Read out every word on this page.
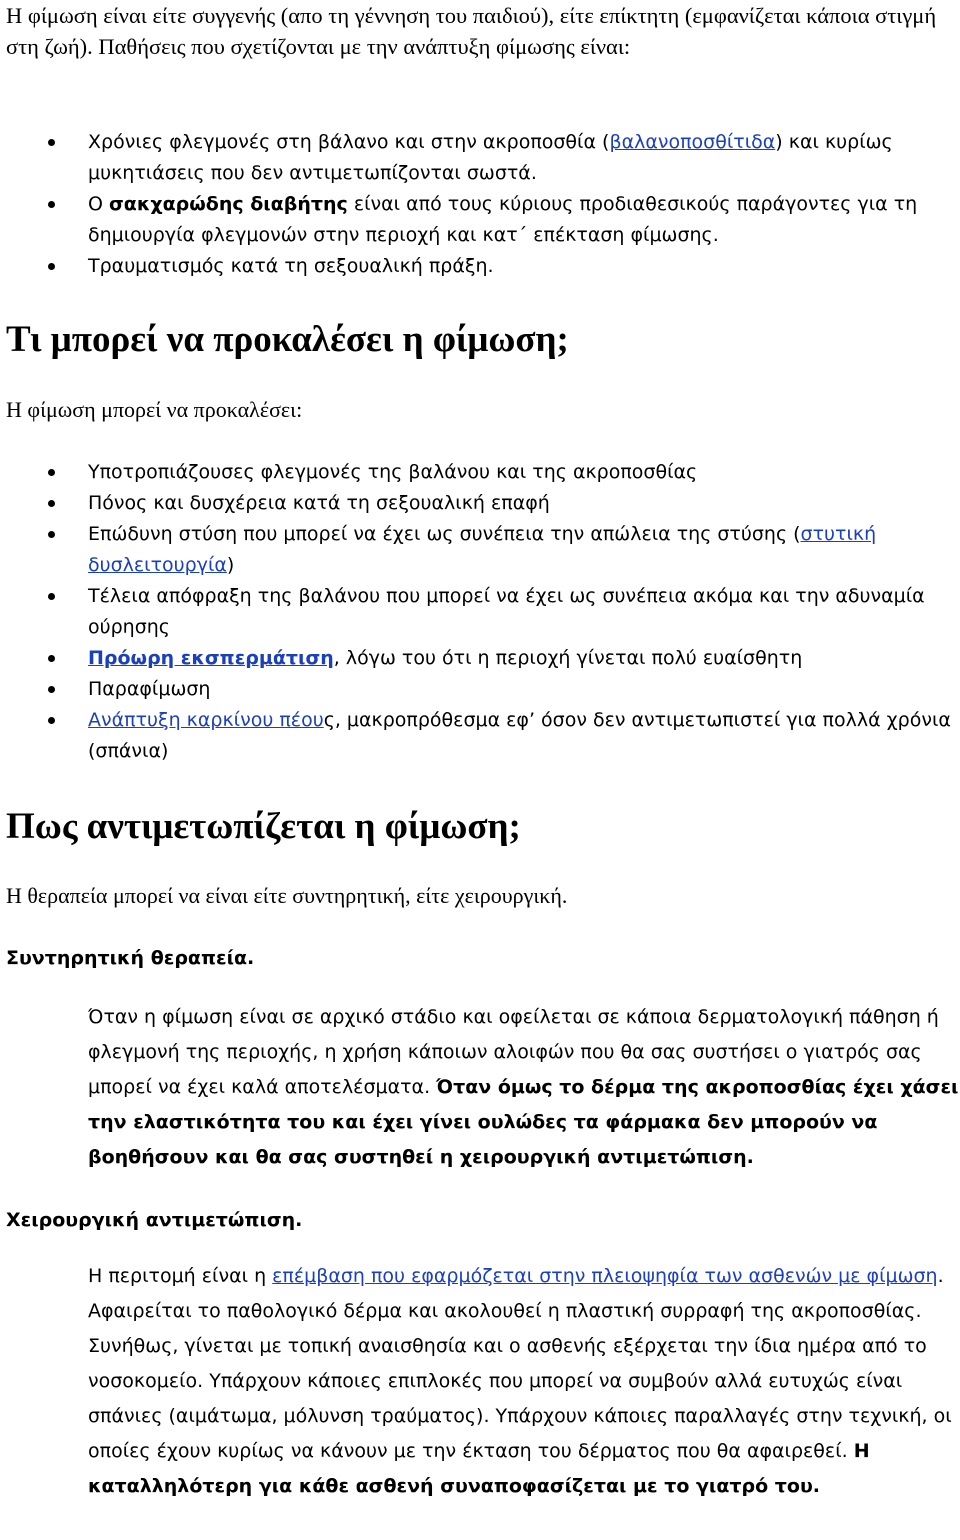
Η φίμωση είναι είτε συγγενής (απο τη γέννηση του παιδιού), είτε επίκτητη (εμφανίζεται κάποια στιγμή στη ζωή). Παθήσεις που σχετίζονται με την ανάπτυξη φίμωσης είναι:

Χρόνιες φλεγμονές στη βάλανο και στην ακροποσθία (βαλανοποσθίτιδα) και κυρίως μυκητιάσεις που δεν αντιμετωπίζονται σωστά.
Ο σακχαρώδης διαβήτης είναι από τους κύριους προδιαθεσικούς παράγοντες για τη δημιουργία φλεγμονών στην περιοχή και κατ΄ επέκταση φίμωσης.
Τραυματισμός κατά τη σεξουαλική πράξη.
Τι μπορεί να προκαλέσει η φίμωση;

Η φίμωση μπορεί να προκαλέσει:

Υποτροπιάζουσες φλεγμονές της βαλάνου και της ακροποσθίας
Πόνος και δυσχέρεια κατά τη σεξουαλική επαφή
Επώδυνη στύση που μπορεί να έχει ως συνέπεια την απώλεια της στύσης (στυτική δυσλειτουργία)
Τέλεια απόφραξη της βαλάνου που μπορεί να έχει ως συνέπεια ακόμα και την αδυναμία ούρησης
Πρόωρη εκσπερμάτιση, λόγω του ότι η περιοχή γίνεται πολύ ευαίσθητη
Παραφίμωση
Ανάπτυξη καρκίνου πέους, μακροπρόθεσμα εφ’ όσον δεν αντιμετωπιστεί για πολλά χρόνια (σπάνια)
Πως αντιμετωπίζεται η φίμωση;

Η θεραπεία μπορεί να είναι είτε συντηρητική, είτε χειρουργική.

Συντηρητική θεραπεία.

Όταν η φίμωση είναι σε αρχικό στάδιο και οφείλεται σε κάποια δερματολογική πάθηση ή φλεγμονή της περιοχής, η χρήση κάποιων αλοιφών που θα σας συστήσει ο γιατρός σας μπορεί να έχει καλά αποτελέσματα. Όταν όμως το δέρμα της ακροποσθίας έχει χάσει την ελαστικότητα του και έχει γίνει ουλώδες τα φάρμακα δεν μπορούν να βοηθήσουν και θα σας συστηθεί η χειρουργική αντιμετώπιση.

Χειρουργική αντιμετώπιση.

Η περιτομή είναι η επέμβαση που εφαρμόζεται στην πλειοψηφία των ασθενών με φίμωση. Αφαιρείται το παθολογικό δέρμα και ακολουθεί η πλαστική συρραφή της ακροποσθίας. Συνήθως, γίνεται με τοπική αναισθησία και ο ασθενής εξέρχεται την ίδια ημέρα από το νοσοκομείο. Υπάρχουν κάποιες επιπλοκές που μπορεί να συμβούν αλλά ευτυχώς είναι σπάνιες (αιμάτωμα, μόλυνση τραύματος). Υπάρχουν κάποιες παραλλαγές στην τεχνική, οι οποίες έχουν κυρίως να κάνουν με την έκταση του δέρματος που θα αφαιρεθεί. Η καταλληλότερη για κάθε ασθενή συναποφασίζεται με το γιατρό του.
